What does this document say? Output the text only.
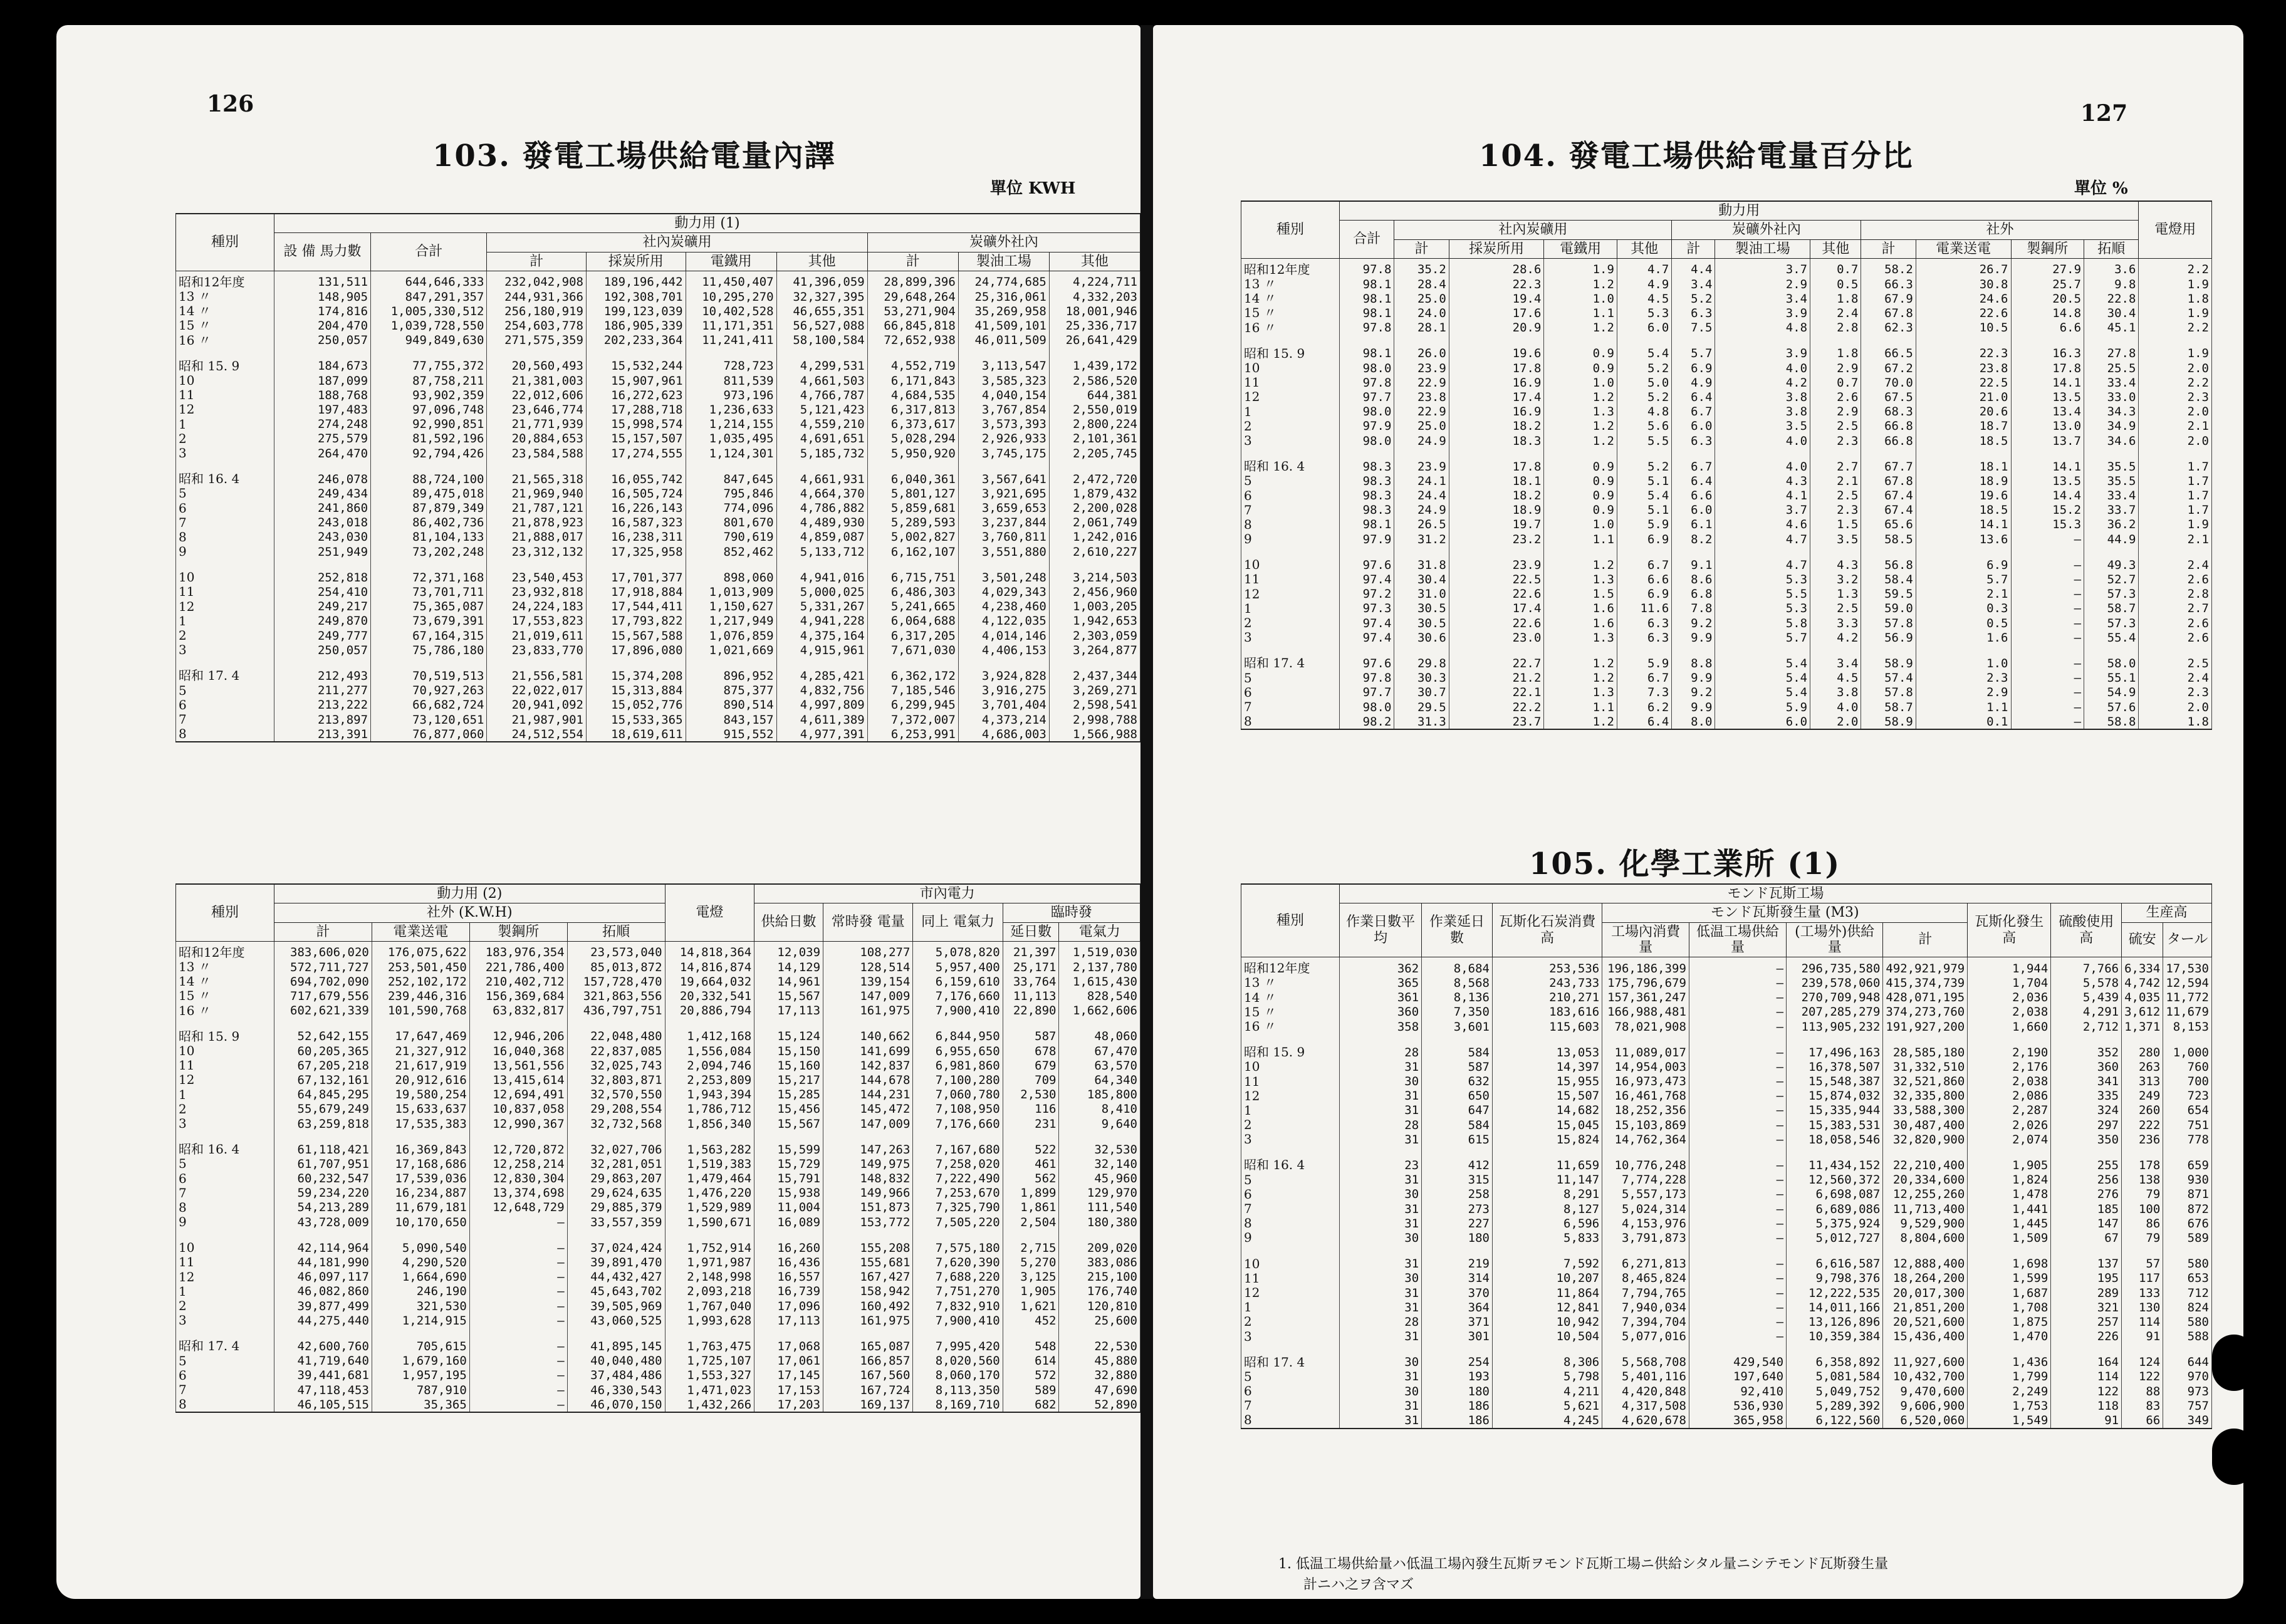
126
103. 發電工場供給電量內譯
單位 KWH
種別	動力用 (1)								
	設 備 馬力數	合計	社內炭礦用				炭礦外社內		
			計	採炭所用	電鐵用	其他	計	製油工場	其他
昭和12年度	131,511	644,646,333	232,042,908	189,196,442	11,450,407	41,396,059	28,899,396	24,774,685	4,224,711
13 〃	148,905	847,291,357	244,931,366	192,308,701	10,295,270	32,327,395	29,648,264	25,316,061	4,332,203
14 〃	174,816	1,005,330,512	256,180,919	199,123,039	10,402,528	46,655,351	53,271,904	35,269,958	18,001,946
15 〃	204,470	1,039,728,550	254,603,778	186,905,339	11,171,351	56,527,088	66,845,818	41,509,101	25,336,717
16 〃	250,057	949,849,630	271,575,359	202,233,364	11,241,411	58,100,584	72,652,938	46,011,509	26,641,429
昭和 15. 9	184,673	77,755,372	20,560,493	15,532,244	728,723	4,299,531	4,552,719	3,113,547	1,439,172
10	187,099	87,758,211	21,381,003	15,907,961	811,539	4,661,503	6,171,843	3,585,323	2,586,520
11	188,768	93,902,359	22,012,606	16,272,623	973,196	4,766,787	4,684,535	4,040,154	644,381
12	197,483	97,096,748	23,646,774	17,288,718	1,236,633	5,121,423	6,317,813	3,767,854	2,550,019
1	274,248	92,990,851	21,771,939	15,998,574	1,214,155	4,559,210	6,373,617	3,573,393	2,800,224
2	275,579	81,592,196	20,884,653	15,157,507	1,035,495	4,691,651	5,028,294	2,926,933	2,101,361
3	264,470	92,794,426	23,584,588	17,274,555	1,124,301	5,185,732	5,950,920	3,745,175	2,205,745
昭和 16. 4	246,078	88,724,100	21,565,318	16,055,742	847,645	4,661,931	6,040,361	3,567,641	2,472,720
5	249,434	89,475,018	21,969,940	16,505,724	795,846	4,664,370	5,801,127	3,921,695	1,879,432
6	241,860	87,879,349	21,787,121	16,226,143	774,096	4,786,882	5,859,681	3,659,653	2,200,028
7	243,018	86,402,736	21,878,923	16,587,323	801,670	4,489,930	5,289,593	3,237,844	2,061,749
8	243,030	81,104,133	21,888,017	16,238,311	790,619	4,859,087	5,002,827	3,760,811	1,242,016
9	251,949	73,202,248	23,312,132	17,325,958	852,462	5,133,712	6,162,107	3,551,880	2,610,227
10	252,818	72,371,168	23,540,453	17,701,377	898,060	4,941,016	6,715,751	3,501,248	3,214,503
11	254,410	73,701,711	23,932,818	17,918,884	1,013,909	5,000,025	6,486,303	4,029,343	2,456,960
12	249,217	75,365,087	24,224,183	17,544,411	1,150,627	5,331,267	5,241,665	4,238,460	1,003,205
1	249,870	73,679,391	17,553,823	17,793,822	1,217,949	4,941,228	6,064,688	4,122,035	1,942,653
2	249,777	67,164,315	21,019,611	15,567,588	1,076,859	4,375,164	6,317,205	4,014,146	2,303,059
3	250,057	75,786,180	23,833,770	17,896,080	1,021,669	4,915,961	7,671,030	4,406,153	3,264,877
昭和 17. 4	212,493	70,519,513	21,556,581	15,374,208	896,952	4,285,421	6,362,172	3,924,828	2,437,344
5	211,277	70,927,263	22,022,017	15,313,884	875,377	4,832,756	7,185,546	3,916,275	3,269,271
6	213,222	66,682,724	20,941,092	15,052,776	890,514	4,997,809	6,299,945	3,701,404	2,598,541
7	213,897	73,120,651	21,987,901	15,533,365	843,157	4,611,389	7,372,007	4,373,214	2,998,788
8	213,391	76,877,060	24,512,554	18,619,611	915,552	4,977,391	6,253,991	4,686,003	1,566,988
種別	動力用 (2)				電燈	市內電力				
	社外 (K.W.H)					供給日數	常時發 電量	同上 電氣力	臨時發	
	計	電業送電	製鋼所	拓順					延日數	電氣力
昭和12年度	383,606,020	176,075,622	183,976,354	23,573,040	14,818,364	12,039	108,277	5,078,820	21,397	1,519,030
13 〃	572,711,727	253,501,450	221,786,400	85,013,872	14,816,874	14,129	128,514	5,957,400	25,171	2,137,780
14 〃	694,702,090	252,102,172	210,402,712	157,728,470	19,664,032	14,961	139,154	6,159,610	33,764	1,615,430
15 〃	717,679,556	239,446,316	156,369,684	321,863,556	20,332,541	15,567	147,009	7,176,660	11,113	828,540
16 〃	602,621,339	101,590,768	63,832,817	436,797,751	20,886,794	17,113	161,975	7,900,410	22,890	1,662,606
昭和 15. 9	52,642,155	17,647,469	12,946,206	22,048,480	1,412,168	15,124	140,662	6,844,950	587	48,060
10	60,205,365	21,327,912	16,040,368	22,837,085	1,556,084	15,150	141,699	6,955,650	678	67,470
11	67,205,218	21,617,919	13,561,556	32,025,743	2,094,746	15,160	142,837	6,981,860	679	63,570
12	67,132,161	20,912,616	13,415,614	32,803,871	2,253,809	15,217	144,678	7,100,280	709	64,340
1	64,845,295	19,580,254	12,694,491	32,570,550	1,943,394	15,285	144,231	7,060,780	2,530	185,800
2	55,679,249	15,633,637	10,837,058	29,208,554	1,786,712	15,456	145,472	7,108,950	116	8,410
3	63,259,818	17,535,383	12,990,367	32,732,568	1,856,340	15,567	147,009	7,176,660	231	9,640
昭和 16. 4	61,118,421	16,369,843	12,720,872	32,027,706	1,563,282	15,599	147,263	7,167,680	522	32,530
5	61,707,951	17,168,686	12,258,214	32,281,051	1,519,383	15,729	149,975	7,258,020	461	32,140
6	60,232,547	17,539,036	12,830,304	29,863,207	1,479,464	15,791	148,832	7,222,490	562	45,960
7	59,234,220	16,234,887	13,374,698	29,624,635	1,476,220	15,938	149,966	7,253,670	1,899	129,970
8	54,213,289	11,679,181	12,648,729	29,885,379	1,529,989	11,004	151,873	7,325,790	1,861	111,540
9	43,728,009	10,170,650	—	33,557,359	1,590,671	16,089	153,772	7,505,220	2,504	180,380
10	42,114,964	5,090,540	—	37,024,424	1,752,914	16,260	155,208	7,575,180	2,715	209,020
11	44,181,990	4,290,520	—	39,891,470	1,971,987	16,436	155,681	7,620,390	5,270	383,086
12	46,097,117	1,664,690	—	44,432,427	2,148,998	16,557	167,427	7,688,220	3,125	215,100
1	46,082,860	246,190	—	45,643,702	2,093,218	16,739	158,942	7,751,270	1,905	176,740
2	39,877,499	321,530	—	39,505,969	1,767,040	17,096	160,492	7,832,910	1,621	120,810
3	44,275,440	1,214,915	—	43,060,525	1,993,628	17,113	161,975	7,900,410	452	25,600
昭和 17. 4	42,600,760	705,615	—	41,895,145	1,763,475	17,068	165,087	7,995,420	548	22,530
5	41,719,640	1,679,160	—	40,040,480	1,725,107	17,061	166,857	8,020,560	614	45,880
6	39,441,681	1,957,195	—	37,484,486	1,553,327	17,145	167,560	8,060,170	572	32,880
7	47,118,453	787,910	—	46,330,543	1,471,023	17,153	167,724	8,113,350	589	47,690
8	46,105,515	35,365	—	46,070,150	1,432,266	17,203	169,137	8,169,710	682	52,890
127
104. 發電工場供給電量百分比
單位 %
種別	動力用												電燈用
	合計	社內炭礦用				炭礦外社內			社外				
		計	採炭所用	電鐵用	其他	計	製油工場	其他	計	電業送電	製鋼所	拓順	
昭和12年度	97.8	35.2	28.6	1.9	4.7	4.4	3.7	0.7	58.2	26.7	27.9	3.6	2.2
13 〃	98.1	28.4	22.3	1.2	4.9	3.4	2.9	0.5	66.3	30.8	25.7	9.8	1.9
14 〃	98.1	25.0	19.4	1.0	4.5	5.2	3.4	1.8	67.9	24.6	20.5	22.8	1.8
15 〃	98.1	24.0	17.6	1.1	5.3	6.3	3.9	2.4	67.8	22.6	14.8	30.4	1.9
16 〃	97.8	28.1	20.9	1.2	6.0	7.5	4.8	2.8	62.3	10.5	6.6	45.1	2.2
昭和 15. 9	98.1	26.0	19.6	0.9	5.4	5.7	3.9	1.8	66.5	22.3	16.3	27.8	1.9
10	98.0	23.9	17.8	0.9	5.2	6.9	4.0	2.9	67.2	23.8	17.8	25.5	2.0
11	97.8	22.9	16.9	1.0	5.0	4.9	4.2	0.7	70.0	22.5	14.1	33.4	2.2
12	97.7	23.8	17.4	1.2	5.2	6.4	3.8	2.6	67.5	21.0	13.5	33.0	2.3
1	98.0	22.9	16.9	1.3	4.8	6.7	3.8	2.9	68.3	20.6	13.4	34.3	2.0
2	97.9	25.0	18.2	1.2	5.6	6.0	3.5	2.5	66.8	18.7	13.0	34.9	2.1
3	98.0	24.9	18.3	1.2	5.5	6.3	4.0	2.3	66.8	18.5	13.7	34.6	2.0
昭和 16. 4	98.3	23.9	17.8	0.9	5.2	6.7	4.0	2.7	67.7	18.1	14.1	35.5	1.7
5	98.3	24.1	18.1	0.9	5.1	6.4	4.3	2.1	67.8	18.9	13.5	35.5	1.7
6	98.3	24.4	18.2	0.9	5.4	6.6	4.1	2.5	67.4	19.6	14.4	33.4	1.7
7	98.3	24.9	18.9	0.9	5.1	6.0	3.7	2.3	67.4	18.5	15.2	33.7	1.7
8	98.1	26.5	19.7	1.0	5.9	6.1	4.6	1.5	65.6	14.1	15.3	36.2	1.9
9	97.9	31.2	23.2	1.1	6.9	8.2	4.7	3.5	58.5	13.6	—	44.9	2.1
10	97.6	31.8	23.9	1.2	6.7	9.1	4.7	4.3	56.8	6.9	—	49.3	2.4
11	97.4	30.4	22.5	1.3	6.6	8.6	5.3	3.2	58.4	5.7	—	52.7	2.6
12	97.2	31.0	22.6	1.5	6.9	6.8	5.5	1.3	59.5	2.1	—	57.3	2.8
1	97.3	30.5	17.4	1.6	11.6	7.8	5.3	2.5	59.0	0.3	—	58.7	2.7
2	97.4	30.5	22.6	1.6	6.3	9.2	5.8	3.3	57.8	0.5	—	57.3	2.6
3	97.4	30.6	23.0	1.3	6.3	9.9	5.7	4.2	56.9	1.6	—	55.4	2.6
昭和 17. 4	97.6	29.8	22.7	1.2	5.9	8.8	5.4	3.4	58.9	1.0	—	58.0	2.5
5	97.8	30.3	21.2	1.2	6.7	9.9	5.4	4.5	57.4	2.3	—	55.1	2.4
6	97.7	30.7	22.1	1.3	7.3	9.2	5.4	3.8	57.8	2.9	—	54.9	2.3
7	98.0	29.5	22.2	1.1	6.2	9.9	5.9	4.0	58.7	1.1	—	57.6	2.0
8	98.2	31.3	23.7	1.2	6.4	8.0	6.0	2.0	58.9	0.1	—	58.8	1.8
105. 化學工業所 (1)
種別	モンド瓦斯工場										
	作業日數平均	作業延日數	瓦斯化石炭消費高	モンド瓦斯發生量 (M3)				瓦斯化發生高	硫酸使用高	生産高	
				工場內消費量	低温工場供給量	(工場外)供給量	計			硫安	タール
昭和12年度	362	8,684	253,536	196,186,399	—	296,735,580	492,921,979	1,944	7,766	6,334	17,530
13 〃	365	8,568	243,733	175,796,679	—	239,578,060	415,374,739	1,704	5,578	4,742	12,594
14 〃	361	8,136	210,271	157,361,247	—	270,709,948	428,071,195	2,036	5,439	4,035	11,772
15 〃	360	7,350	183,616	166,988,481	—	207,285,279	374,273,760	2,038	4,291	3,612	11,679
16 〃	358	3,601	115,603	78,021,908	—	113,905,232	191,927,200	1,660	2,712	1,371	8,153
昭和 15. 9	28	584	13,053	11,089,017	—	17,496,163	28,585,180	2,190	352	280	1,000
10	31	587	14,397	14,954,003	—	16,378,507	31,332,510	2,176	360	263	760
11	30	632	15,955	16,973,473	—	15,548,387	32,521,860	2,038	341	313	700
12	31	650	15,507	16,461,768	—	15,874,032	32,335,800	2,086	335	249	723
1	31	647	14,682	18,252,356	—	15,335,944	33,588,300	2,287	324	260	654
2	28	584	15,045	15,103,869	—	15,383,531	30,487,400	2,026	297	222	751
3	31	615	15,824	14,762,364	—	18,058,546	32,820,900	2,074	350	236	778
昭和 16. 4	23	412	11,659	10,776,248	—	11,434,152	22,210,400	1,905	255	178	659
5	31	315	11,147	7,774,228	—	12,560,372	20,334,600	1,824	256	138	930
6	30	258	8,291	5,557,173	—	6,698,087	12,255,260	1,478	276	79	871
7	31	273	8,127	5,024,314	—	6,689,086	11,713,400	1,441	185	100	872
8	31	227	6,596	4,153,976	—	5,375,924	9,529,900	1,445	147	86	676
9	30	180	5,833	3,791,873	—	5,012,727	8,804,600	1,509	67	79	589
10	31	219	7,592	6,271,813	—	6,616,587	12,888,400	1,698	137	57	580
11	30	314	10,207	8,465,824	—	9,798,376	18,264,200	1,599	195	117	653
12	31	370	11,864	7,794,765	—	12,222,535	20,017,300	1,687	289	133	712
1	31	364	12,841	7,940,034	—	14,011,166	21,851,200	1,708	321	130	824
2	28	371	10,942	7,394,704	—	13,126,896	20,521,600	1,875	257	114	580
3	31	301	10,504	5,077,016	—	10,359,384	15,436,400	1,470	226	91	588
昭和 17. 4	30	254	8,306	5,568,708	429,540	6,358,892	11,927,600	1,436	164	124	644
5	31	193	5,798	5,401,116	197,640	5,081,584	10,432,700	1,799	114	122	970
6	30	180	4,211	4,420,848	92,410	5,049,752	9,470,600	2,249	122	88	973
7	31	186	5,621	4,317,508	536,930	5,289,392	9,606,900	1,753	118	83	757
8	31	186	4,245	4,620,678	365,958	6,122,560	6,520,060	1,549	91	66	349
1. 低温工場供給量ハ低温工場內發生瓦斯ヲモンド瓦斯工場ニ供給シタル量ニシテモンド瓦斯發生量
計ニハ之ヲ含マズ
